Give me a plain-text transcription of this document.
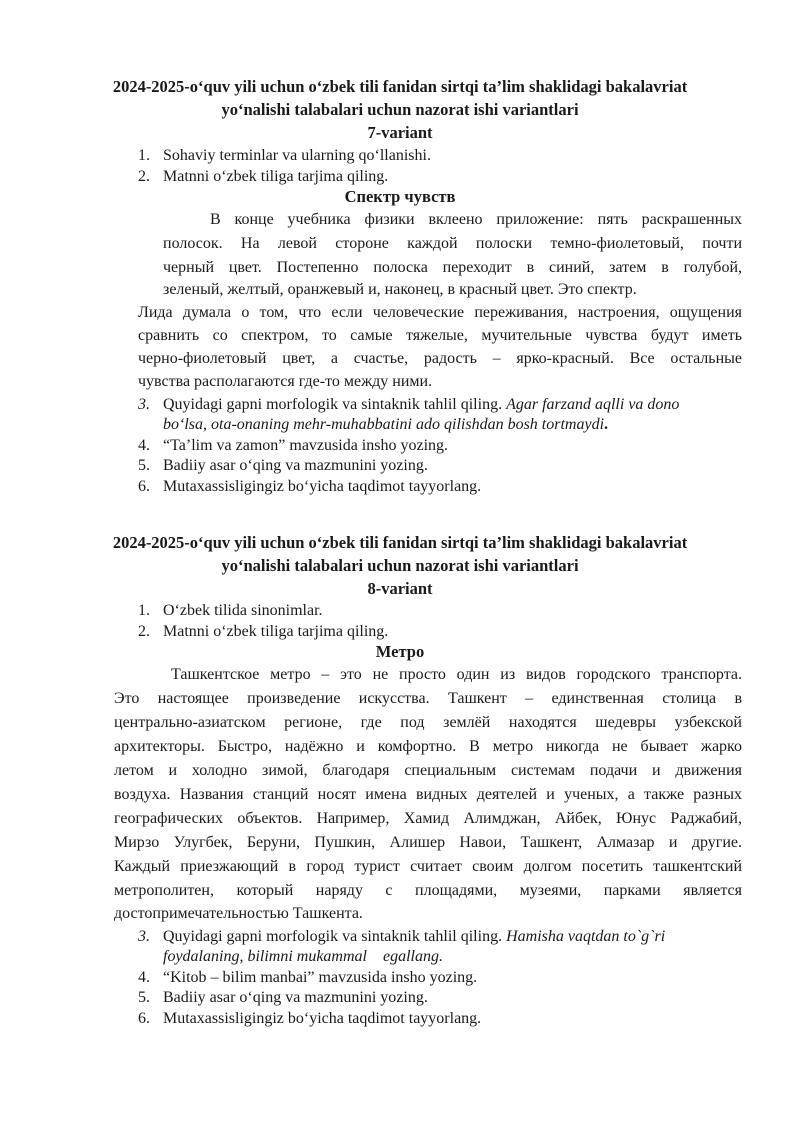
2024-2025-o‘quv yili uchun o‘zbek tili fanidan sirtqi ta’lim shaklidagi bakalavriat
yo‘nalishi talabalari uchun nazorat ishi variantlari
7-variant
1. Sohaviy terminlar va ularning qo‘llanishi.
2. Matnni o‘zbek tiliga tarjima qiling.
Спектр чувств
В конце учебника физики вклеено приложение: пять раскрашенных
полосок. На левой стороне каждой полоски темно-фиолетовый, почти
черный цвет. Постепенно полоска переходит в синий, затем в голубой,
зеленый, желтый, оранжевый и, наконец, в красный цвет. Это спектр.
Лида думала о том, что если человеческие переживания, настроения, ощущения
сравнить со спектром, то самые тяжелые, мучительные чувства будут иметь
черно-фиолетовый цвет, а счастье, радость – ярко-красный. Все остальные
чувства располагаются где-то между ними.
3. Quyidagi gapni morfologik va sintaknik tahlil qiling. Agar farzand aqlli va dono
bo‘lsa, ota-onaning mehr-muhabbatini ado qilishdan bosh tortmaydi.
4. “Ta’lim va zamon” mavzusida insho yozing.
5. Badiiy asar o‘qing va mazmunini yozing.
6. Mutaxassisligingiz bo‘yicha taqdimot tayyorlang.
2024-2025-o‘quv yili uchun o‘zbek tili fanidan sirtqi ta’lim shaklidagi bakalavriat
yo‘nalishi talabalari uchun nazorat ishi variantlari
8-variant
1. O‘zbek tilida sinonimlar.
2. Matnni o‘zbek tiliga tarjima qiling.
Метро
Ташкентское метро – это не просто один из видов городского транспорта.
Это настоящее произведение искусства. Ташкент – единственная столица в
центрально-азиатском регионе, где под землёй находятся шедевры узбекской
архитекторы. Быстро, надёжно и комфортно. В метро никогда не бывает жарко
летом и холодно зимой, благодаря специальным системам подачи и движения
воздуха. Названия станций носят имена видных деятелей и ученых, а также разных
географических объектов. Например, Хамид Алимджан, Айбек, Юнус Раджабий,
Мирзо Улугбек, Беруни, Пушкин, Алишер Навои, Ташкент, Алмазар и другие.
Каждый приезжающий в город турист считает своим долгом посетить ташкентский
метрополитен, который наряду с площадями, музеями, парками является
достопримечательностью Ташкента.
3. Quyidagi gapni morfologik va sintaknik tahlil qiling. Hamisha vaqtdan to`g`ri
foydalaning, bilimni mukammal    egallang.
4. “Kitob – bilim manbai” mavzusida insho yozing.
5. Badiiy asar o‘qing va mazmunini yozing.
6. Mutaxassisligingiz bo‘yicha taqdimot tayyorlang.
